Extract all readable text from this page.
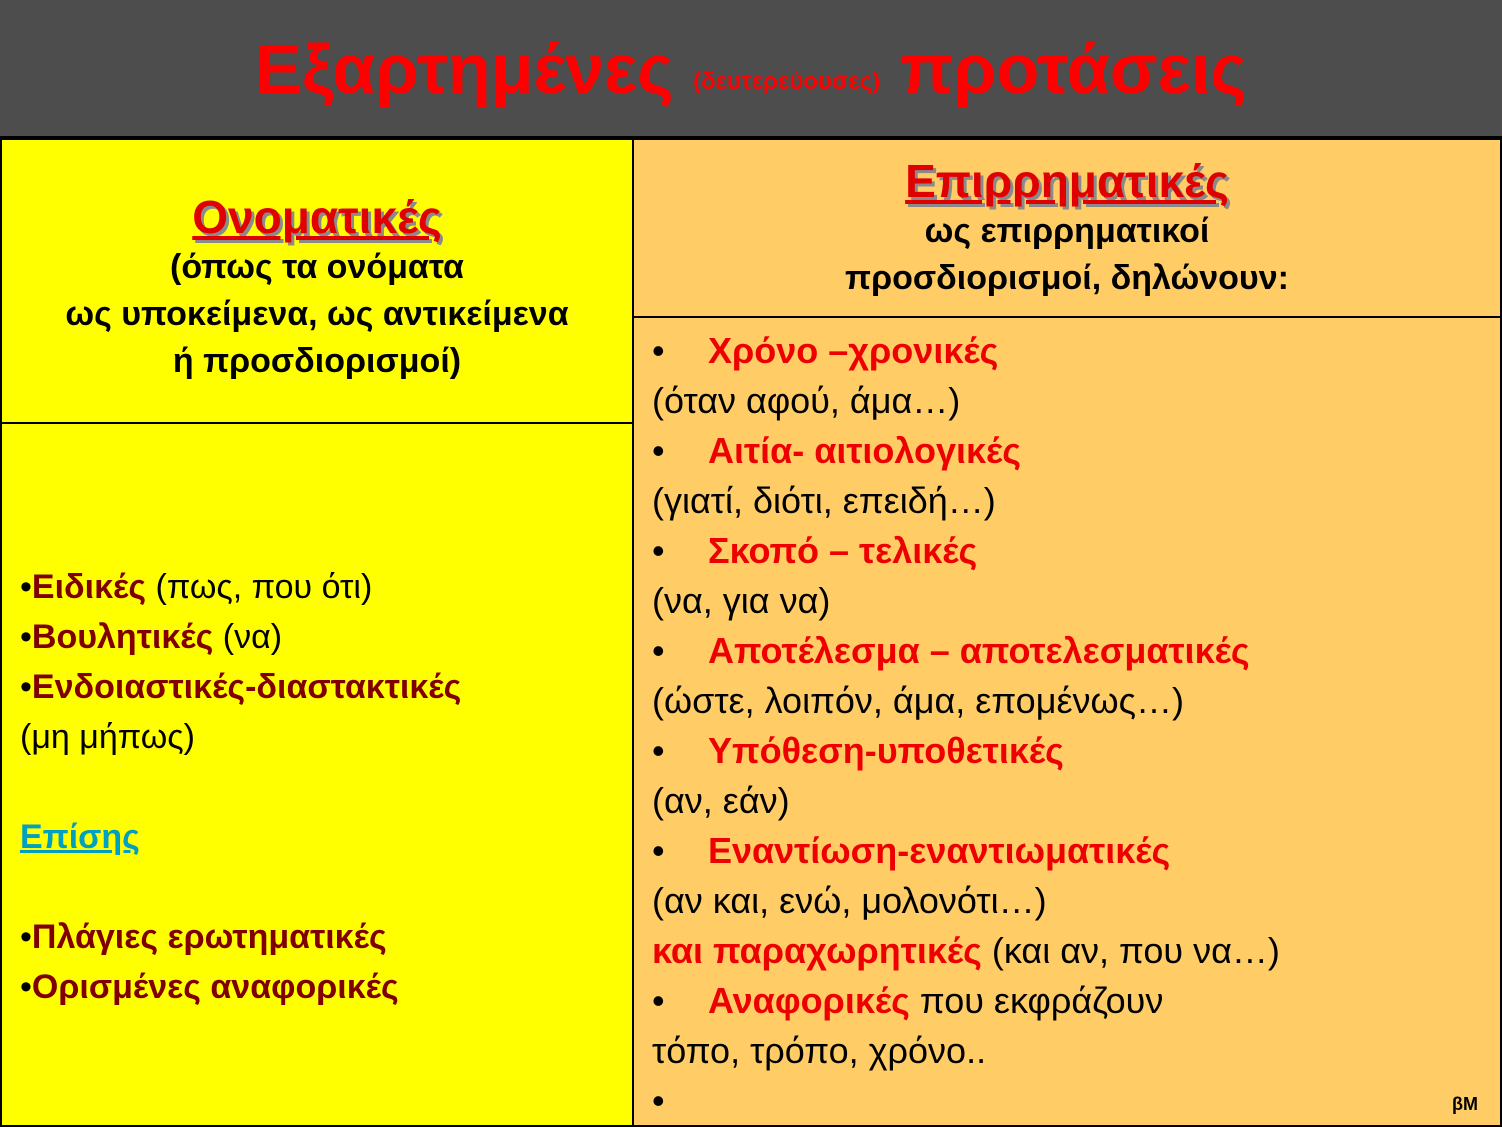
Εξαρτημένες (δευτερεύουσες) προτάσεις
Ονοματικές
(όπως τα ονόματα
ως υποκείμενα, ως αντικείμενα
ή προσδιορισμοί)
•Ειδικές (πως, που ότι)
•Βουλητικές (να)
•Ενδοιαστικές-διαστακτικές
(μη μήπως)
Επίσης
•Πλάγιες ερωτηματικές
•Ορισμένες αναφορικές
Επιρρηματικές
ως επιρρηματικοί
προσδιορισμοί, δηλώνουν:
• Χρόνο –χρονικές
(όταν αφού, άμα…)
• Αιτία- αιτιολογικές
(γιατί, διότι, επειδή…)
• Σκοπό – τελικές
(να, για να)
• Αποτέλεσμα – αποτελεσματικές
(ώστε, λοιπόν, άμα, επομένως…)
• Υπόθεση-υποθετικές
(αν, εάν)
• Εναντίωση-εναντιωματικές
(αν και, ενώ, μολονότι…)
και παραχωρητικές (και αν, που να…)
• Αναφορικές που εκφράζουν
τόπο, τρόπο, χρόνο..
•	βΜ
